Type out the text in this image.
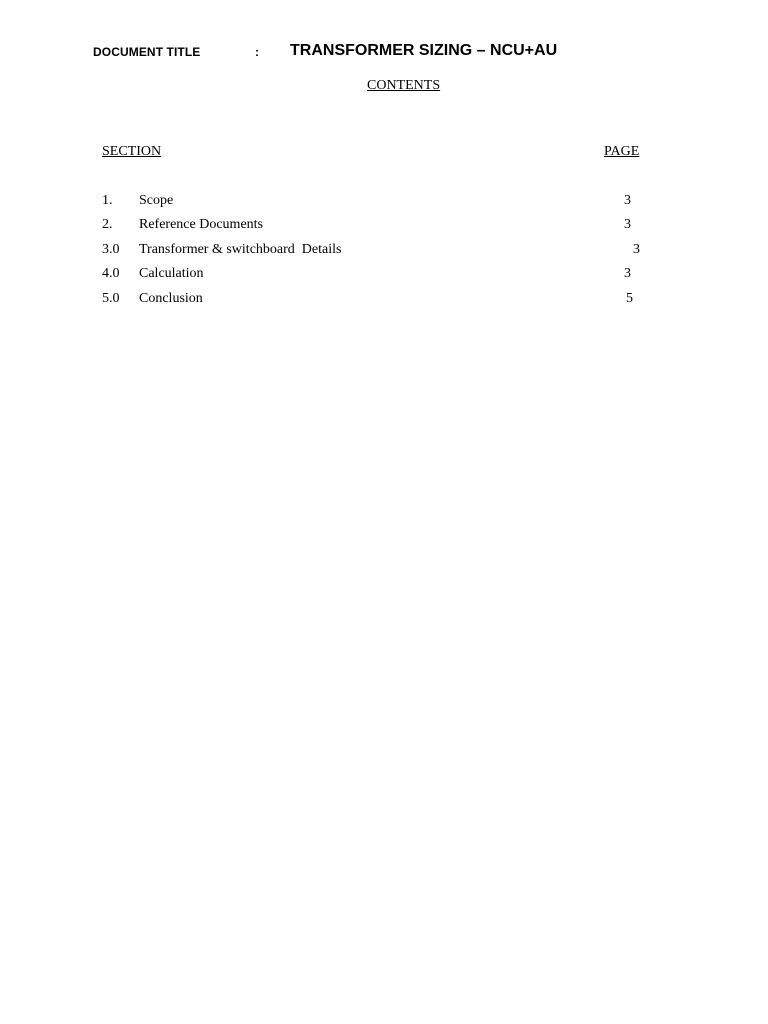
DOCUMENT TITLE	: TRANSFORMER SIZING – NCU+AU
CONTENTS
SECTION	PAGE
1. Scope	3
2. Reference Documents	3
3.0 Transformer & switchboard  Details	3
4.0 Calculation	3
5.0 Conclusion	5
